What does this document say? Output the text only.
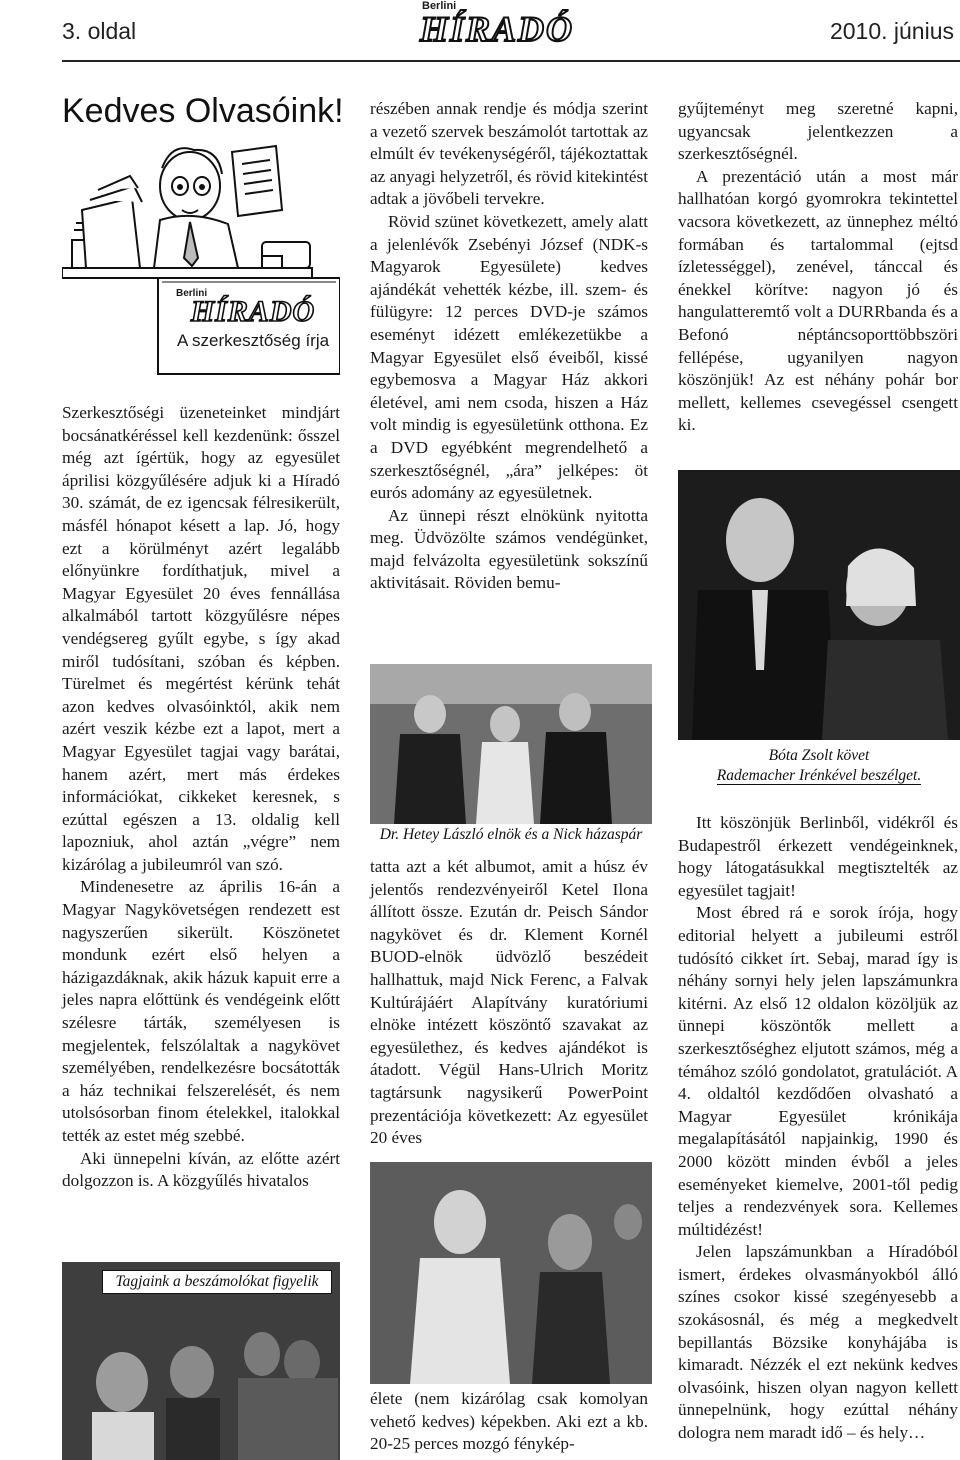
3. oldal
Berlini
HÍRADÓ	2010. június
Berlini
HÍRADÓ
A szerkesztőség írja
Kedves Olvasóink!

Szerkesztőségi üzeneteinket mindjárt bocsánatkéréssel kell kezdenünk: ősszel még azt ígértük, hogy az egyesület áprilisi közgyűlésére adjuk ki a Híradó 30. számát, de ez igencsak félresikerült, másfél hónapot késett a lap. Jó, hogy ezt a körülményt azért legalább előnyünkre fordíthatjuk, mivel a Magyar Egyesület 20 éves fennállása alkalmából tartott közgyűlésre népes vendégsereg gyűlt egybe, s így akad miről tudósítani, szóban és képben. Türelmet és megértést kérünk tehát azon kedves olvasóinktól, akik nem azért veszik kézbe ezt a lapot, mert a Magyar Egyesület tagjai vagy barátai, hanem azért, mert más érdekes információkat, cikkeket keresnek, s ezúttal egészen a 13. oldalig kell lapozniuk, ahol aztán „végre” nem kizárólag a jubileumról van szó.

Mindenesetre az április 16-án a Magyar Nagykövetségen rendezett est nagyszerűen sikerült. Köszönetet mondunk ezért első helyen a házigazdáknak, akik házuk kapuit erre a jeles napra előttünk és vendégeink előtt szélesre tárták, személyesen is megjelentek, felszólaltak a nagykövet személyében, rendelkezésre bocsátották a ház technikai felszerelését, és nem utolsósorban finom ételekkel, italokkal tették az estet még szebbé.

Aki ünnepelni kíván, az előtte azért dolgozzon is. A közgyűlés hivatalos

Tagjaink a beszámolókat figyelik

részében annak rendje és módja szerint a vezető szervek beszámolót tartottak az elmúlt év tevékenységéről, tájékoztattak az anyagi helyzetről, és rövid kitekintést adtak a jövőbeli tervekre.

Rövid szünet következett, amely alatt a jelenlévők Zsebényi József (NDK-s Magyarok Egyesülete) kedves ajándékát vehették kézbe, ill. szem- és fülügyre: 12 perces DVD-je számos eseményt idézett emlékezetükbe a Magyar Egyesület első éveiből, kissé egybemosva a Magyar Ház akkori életével, ami nem csoda, hiszen a Ház volt mindig is egyesületünk otthona. Ez a DVD egyébként megrendelhető a szerkesztőségnél, „ára” jelképes: öt eurós adomány az egyesületnek.

Az ünnepi részt elnökünk nyitotta meg. Üdvözölte számos vendégünket, majd felvázolta egyesületünk sokszínű aktivitásait. Röviden bemu-

Dr. Hetey László elnök és a Nick házaspár

tatta azt a két albumot, amit a húsz év jelentős rendezvényeiről Ketel Ilona állított össze. Ezután dr. Peisch Sándor nagykövet és dr. Klement Kornél BUOD-elnök üdvözlő beszédeit hallhattuk, majd Nick Ferenc, a Falvak Kultúrájáért Alapítvány kuratóriumi elnöke intézett köszöntő szavakat az egyesülethez, és kedves ajándékot is átadott. Végül Hans-Ulrich Moritz tagtársunk nagysikerű PowerPoint prezentációja következett: Az egyesület 20 éves

élete (nem kizárólag csak komolyan vehető kedves) képekben. Aki ezt a kb. 20-25 perces mozgó fénykép-

gyűjteményt meg szeretné kapni, ugyancsak jelentkezzen a szerkesztőségnél.

A prezentáció után a most már hallhatóan korgó gyomrokra tekintettel vacsora következett, az ünnephez méltó formában és tartalommal (ejtsd ízletességgel), zenével, tánccal és énekkel körítve: nagyon jó és hangulatteremtő volt a DURRbanda és a Befonó néptáncsoporttöbbszöri fellépése, ugyanilyen nagyon köszönjük! Az est néhány pohár bor mellett, kellemes csevegéssel csengett ki.

Bóta Zsolt követ
Rademacher Irénkével beszélget.

Itt köszönjük Berlinből, vidékről és Budapestről érkezett vendégeinknek, hogy látogatásukkal megtisztelték az egyesület tagjait!

Most ébred rá e sorok írója, hogy editorial helyett a jubileumi estről tudósító cikket írt. Sebaj, marad így is néhány sornyi hely jelen lapszámunkra kitérni. Az első 12 oldalon közöljük az ünnepi köszöntők mellett a szerkesztőséghez eljutott számos, még a témához szóló gondolatot, gratulációt. A 4. oldaltól kezdődően olvasható a Magyar Egyesület krónikája megalapításától napjainkig, 1990 és 2000 között minden évből a jeles eseményeket kiemelve, 2001-től pedig teljes a rendezvények sora. Kellemes múltidézést!

Jelen lapszámunkban a Híradóból ismert, érdekes olvasmányokból álló színes csokor kissé szegényesebb a szokásosnál, és még a megkedvelt bepillantás Bözsike konyhájába is kimaradt. Nézzék el ezt nekünk kedves olvasóink, hiszen olyan nagyon kellett ünnepelnünk, hogy ezúttal néhány dologra nem maradt idő – és hely…
